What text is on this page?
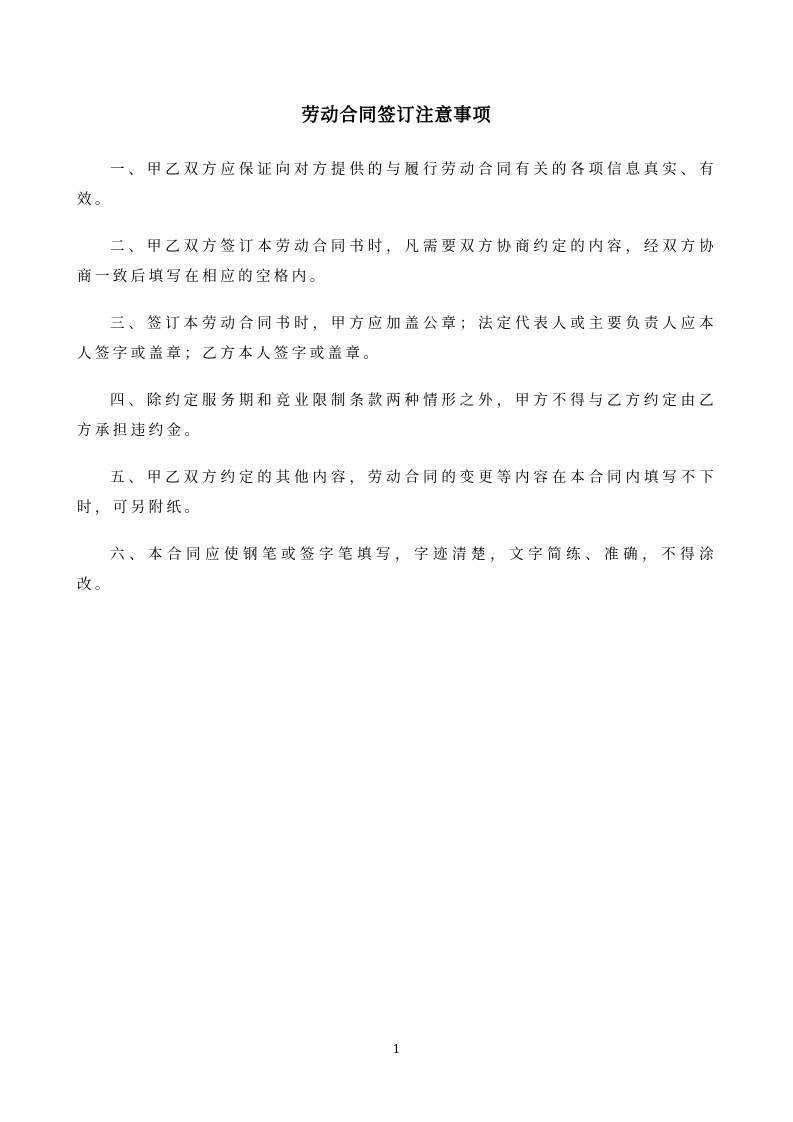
劳动合同签订注意事项

一、甲乙双方应保证向对方提供的与履行劳动合同有关的各项信息真实、有效。

二、甲乙双方签订本劳动合同书时，凡需要双方协商约定的内容，经双方协商一致后填写在相应的空格内。

三、签订本劳动合同书时，甲方应加盖公章；法定代表人或主要负责人应本人签字或盖章；乙方本人签字或盖章。

四、除约定服务期和竞业限制条款两种情形之外，甲方不得与乙方约定由乙方承担违约金。

五、甲乙双方约定的其他内容，劳动合同的变更等内容在本合同内填写不下时，可另附纸。

六、本合同应使钢笔或签字笔填写，字迹清楚，文字简练、准确，不得涂改。

1
